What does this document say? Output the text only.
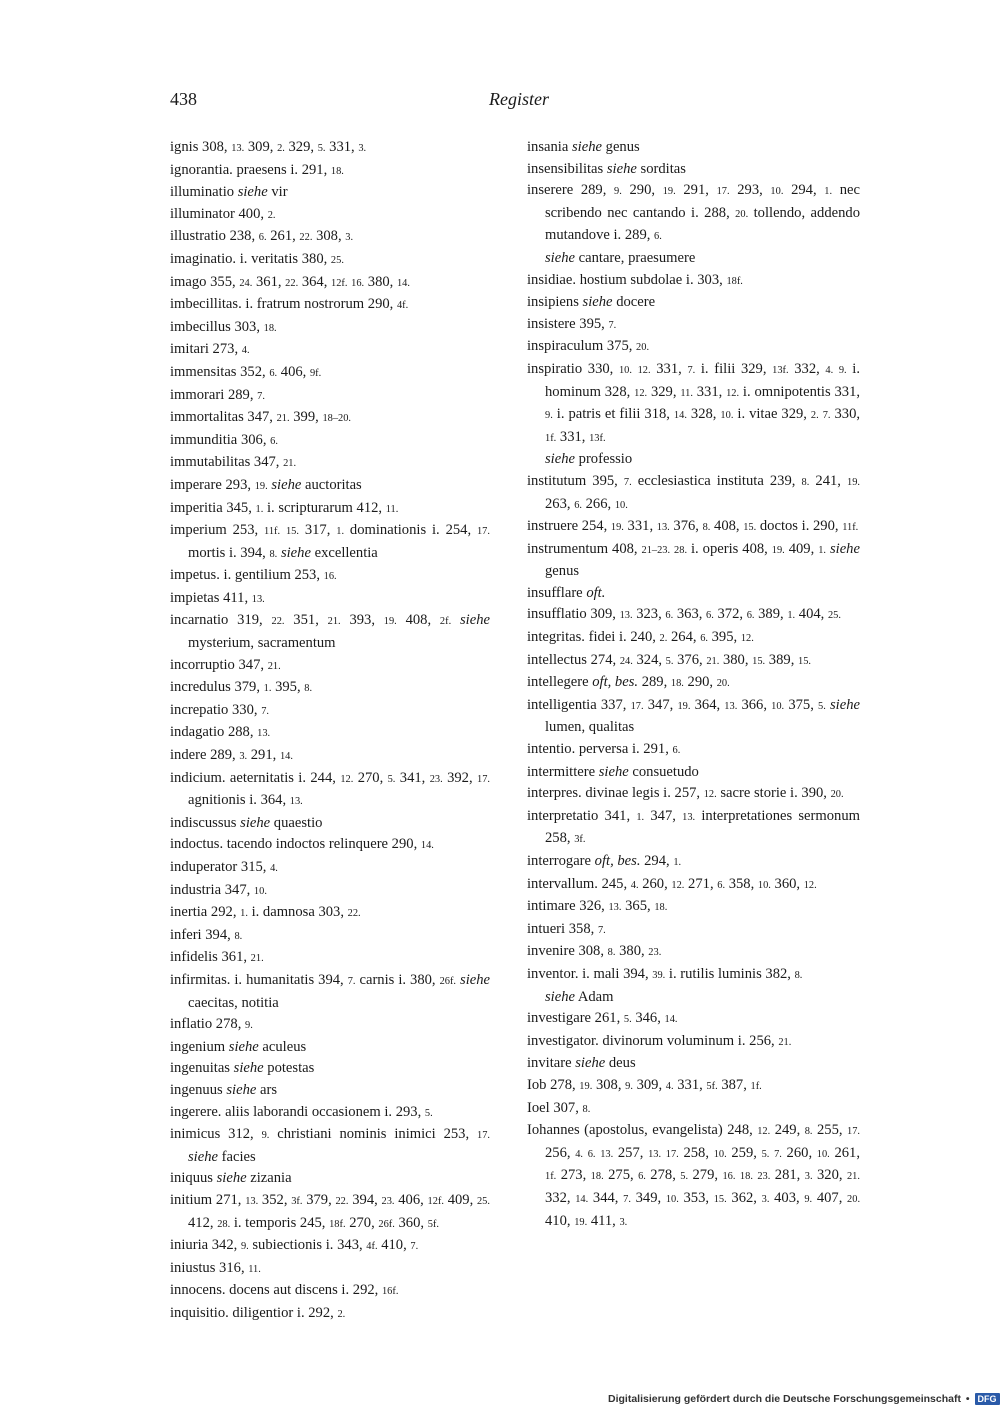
438	Register
ignis 308, 13. 309, 2. 329, 5. 331, 3.
ignorantia. praesens i. 291, 18.
illuminatio siehe vir
illuminator 400, 2.
illustratio 238, 6. 261, 22. 308, 3.
imaginatio. i. veritatis 380, 25.
imago 355, 24. 361, 22. 364, 12f. 16. 380, 14.
imbecillitas. i. fratrum nostrorum 290, 4f.
imbecillus 303, 18.
imitari 273, 4.
immensitas 352, 6. 406, 9f.
immorari 289, 7.
immortalitas 347, 21. 399, 18–20.
immunditia 306, 6.
immutabilitas 347, 21.
imperare 293, 19. siehe auctoritas
imperitia 345, 1. i. scripturarum 412, 11.
imperium 253, 11f. 15. 317, 1. dominationis i. 254, 17. mortis i. 394, 8. siehe excellentia
impetus. i. gentilium 253, 16.
impietas 411, 13.
incarnatio 319, 22. 351, 21. 393, 19. 408, 2f. siehe mysterium, sacramentum
incorruptio 347, 21.
incredulus 379, 1. 395, 8.
increpatio 330, 7.
indagatio 288, 13.
indere 289, 3. 291, 14.
indicium. aeternitatis i. 244, 12. 270, 5. 341, 23. 392, 17. agnitionis i. 364, 13.
indiscussus siehe quaestio
indoctus. tacendo indoctos relinquere 290, 14.
induperator 315, 4.
industria 347, 10.
inertia 292, 1. i. damnosa 303, 22.
inferi 394, 8.
infidelis 361, 21.
infirmitas. i. humanitatis 394, 7. carnis i. 380, 26f. siehe caecitas, notitia
inflatio 278, 9.
ingenium siehe aculeus
ingenuitas siehe potestas
ingenuus siehe ars
ingerere. aliis laborandi occasionem i. 293, 5.
inimicus 312, 9. christiani nominis inimici 253, 17. siehe facies
iniquus siehe zizania
initium 271, 13. 352, 3f. 379, 22. 394, 23. 406, 12f. 409, 25. 412, 28. i. temporis 245, 18f. 270, 26f. 360, 5f.
iniuria 342, 9. subiectionis i. 343, 4f. 410, 7.
iniustus 316, 11.
innocens. docens aut discens i. 292, 16f.
inquisitio. diligentior i. 292, 2.
insania siehe genus
insensibilitas siehe sorditas
inserere 289, 9. 290, 19. 291, 17. 293, 10. 294, 1. nec scribendo nec cantando i. 288, 20. tollendo, addendo mutandove i. 289, 6.
siehe cantare, praesumere
insidiae. hostium subdolae i. 303, 18f.
insipiens siehe docere
insistere 395, 7.
inspiraculum 375, 20.
inspiratio 330, 10. 12. 331, 7. i. filii 329, 13f. 332, 4. 9. i. hominum 328, 12. 329, 11. 331, 12. i. omnipotentis 331, 9. i. patris et filii 318, 14. 328, 10. i. vitae 329, 2. 7. 330, 1f. 331, 13f.
siehe professio
institutum 395, 7. ecclesiastica instituta 239, 8. 241, 19. 263, 6. 266, 10.
instruere 254, 19. 331, 13. 376, 8. 408, 15. doctos i. 290, 11f.
instrumentum 408, 21–23. 28. i. operis 408, 19. 409, 1. siehe genus
insufflare oft.
insufflatio 309, 13. 323, 6. 363, 6. 372, 6. 389, 1. 404, 25.
integritas. fidei i. 240, 2. 264, 6. 395, 12.
intellectus 274, 24. 324, 5. 376, 21. 380, 15. 389, 15.
intellegere oft, bes. 289, 18. 290, 20.
intelligentia 337, 17. 347, 19. 364, 13. 366, 10. 375, 5. siehe lumen, qualitas
intentio. perversa i. 291, 6.
intermittere siehe consuetudo
interpres. divinae legis i. 257, 12. sacre storie i. 390, 20.
interpretatio 341, 1. 347, 13. interpretationes sermonum 258, 3f.
interrogare oft, bes. 294, 1.
intervallum. 245, 4. 260, 12. 271, 6. 358, 10. 360, 12.
intimare 326, 13. 365, 18.
intueri 358, 7.
invenire 308, 8. 380, 23.
inventor. i. mali 394, 39. i. rutilis luminis 382, 8.
siehe Adam
investigare 261, 5. 346, 14.
investigator. divinorum voluminum i. 256, 21.
invitare siehe deus
Iob 278, 19. 308, 9. 309, 4. 331, 5f. 387, 1f.
Ioel 307, 8.
Iohannes (apostolus, evangelista) 248, 12. 249, 8. 255, 17. 256, 4. 6. 13. 257, 13. 17. 258, 10. 259, 5. 7. 260, 10. 261, 1f. 273, 18. 275, 6. 278, 5. 279, 16. 18. 23. 281, 3. 320, 21. 332, 14. 344, 7. 349, 10. 353, 15. 362, 3. 403, 9. 407, 20. 410, 19. 411, 3.
Digitalisierung gefördert durch die Deutsche Forschungsgemeinschaft • DFG
